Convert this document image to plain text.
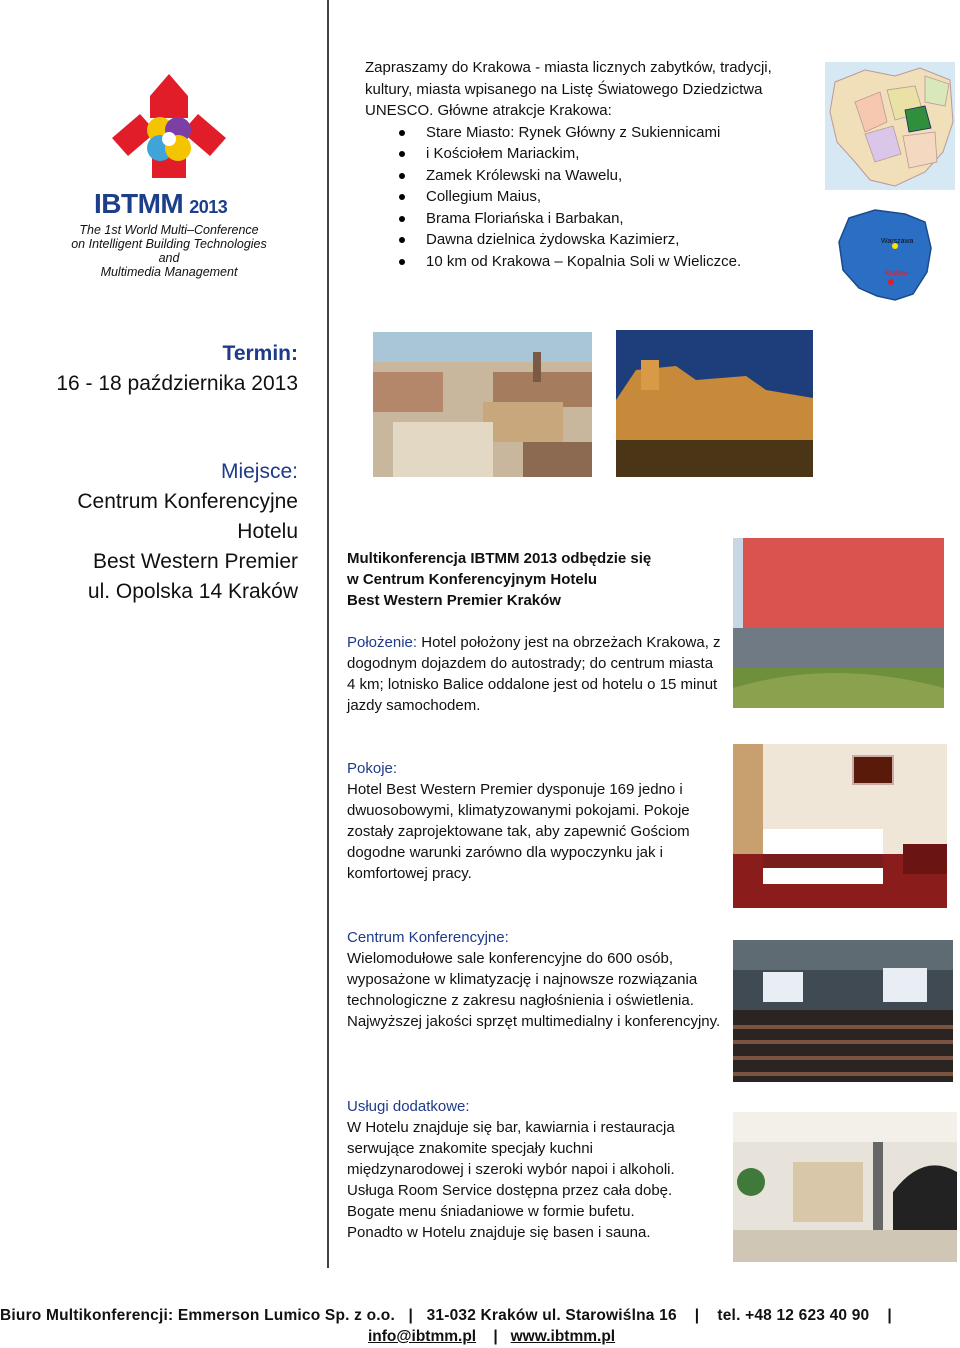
IBTMM 2013
The 1st World Multi–Conference
on Intelligent Building Technologies
and
Multimedia Management
Zapraszamy do Krakowa - miasta licznych zabytków, tradycji, kultury, miasta wpisanego na Listę Światowego Dziedzictwa UNESCO. Główne atrakcje Krakowa:
Stare Miasto: Rynek Główny z Sukiennicami
i Kościołem Mariackim,
Zamek Królewski na Wawelu,
Collegium Maius,
Brama Floriańska i Barbakan,
Dawna dzielnica żydowska Kazimierz,
10 km od Krakowa – Kopalnia Soli w Wieliczce.
Warszawa
Kraków
Termin:
16 - 18 października 2013
Miejsce:
Centrum Konferencyjne
Hotelu
Best Western Premier
ul. Opolska 14 Kraków
Multikonferencja IBTMM 2013 odbędzie się
w Centrum Konferencyjnym Hotelu
Best Western Premier Kraków
Położenie: Hotel położony jest na obrzeżach Krakowa, z dogodnym dojazdem do autostrady; do centrum miasta 4 km; lotnisko Balice oddalone jest od hotelu o 15 minut jazdy samochodem.
Pokoje:
Hotel Best Western Premier dysponuje 169 jedno i dwuosobowymi, klimatyzowanymi pokojami. Pokoje zostały zaprojektowane tak, aby zapewnić Gościom dogodne warunki zarówno dla wypoczynku jak i komfortowej pracy.
Centrum Konferencyjne:
Wielomodułowe sale konferencyjne do 600 osób, wyposażone w klimatyzację i najnowsze rozwiązania technologiczne z zakresu nagłośnienia i oświetlenia. Najwyższej jakości sprzęt multimedialny i konferencyjny.
Usługi dodatkowe:
W Hotelu znajduje się bar, kawiarnia i restauracja
serwujące znakomite specjały kuchni
międzynarodowej i szeroki wybór napoi i alkoholi.
Usługa Room Service dostępna przez cała dobę.
Bogate menu śniadaniowe w formie bufetu.
Ponadto w Hotelu znajduje się basen i sauna.
Biuro Multikonferencji: Emmerson Lumico Sp. z o.o. | 31-032 Kraków ul. Starowiślna 16 | tel. +48 12 623 40 90 |
info@ibtmm.pl | www.ibtmm.pl
